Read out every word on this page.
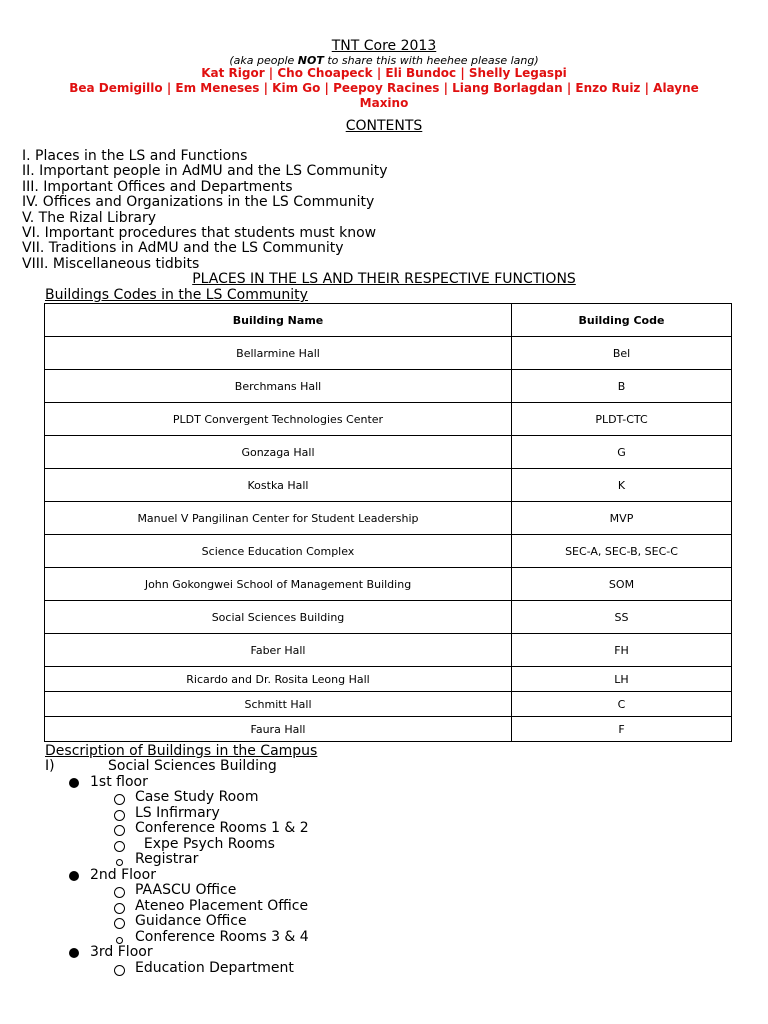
TNT Core 2013
(aka people NOT to share this with heehee please lang)
Kat Rigor | Cho Choapeck | Eli Bundoc | Shelly Legaspi
Bea Demigillo | Em Meneses | Kim Go | Peepoy Racines | Liang Borlagdan | Enzo Ruiz | Alayne
Maxino
CONTENTS
I. Places in the LS and Functions
II. Important people in AdMU and the LS Community
III. Important Offices and Departments
IV. Offices and Organizations in the LS Community
V. The Rizal Library
VI. Important procedures that students must know
VII. Traditions in AdMU and the LS Community
VIII. Miscellaneous tidbits
PLACES IN THE LS AND THEIR RESPECTIVE FUNCTIONS
Buildings Codes in the LS Community
Building Name	Building Code
Bellarmine Hall	Bel
Berchmans Hall	B
PLDT Convergent Technologies Center	PLDT-CTC
Gonzaga Hall	G
Kostka Hall	K
Manuel V Pangilinan Center for Student Leadership	MVP
Science Education Complex	SEC-A, SEC-B, SEC-C
John Gokongwei School of Management Building	SOM
Social Sciences Building	SS
Faber Hall	FH
Ricardo and Dr. Rosita Leong Hall	LH
Schmitt Hall	C
Faura Hall	F
Description of Buildings in the Campus
I)	Social Sciences Building
1st floor
Case Study Room
LS Infirmary
Conference Rooms 1 & 2
Expe Psych Rooms
Registrar
2nd Floor
PAASCU Office
Ateneo Placement Office
Guidance Office
Conference Rooms 3 & 4
3rd Floor
Education Department
